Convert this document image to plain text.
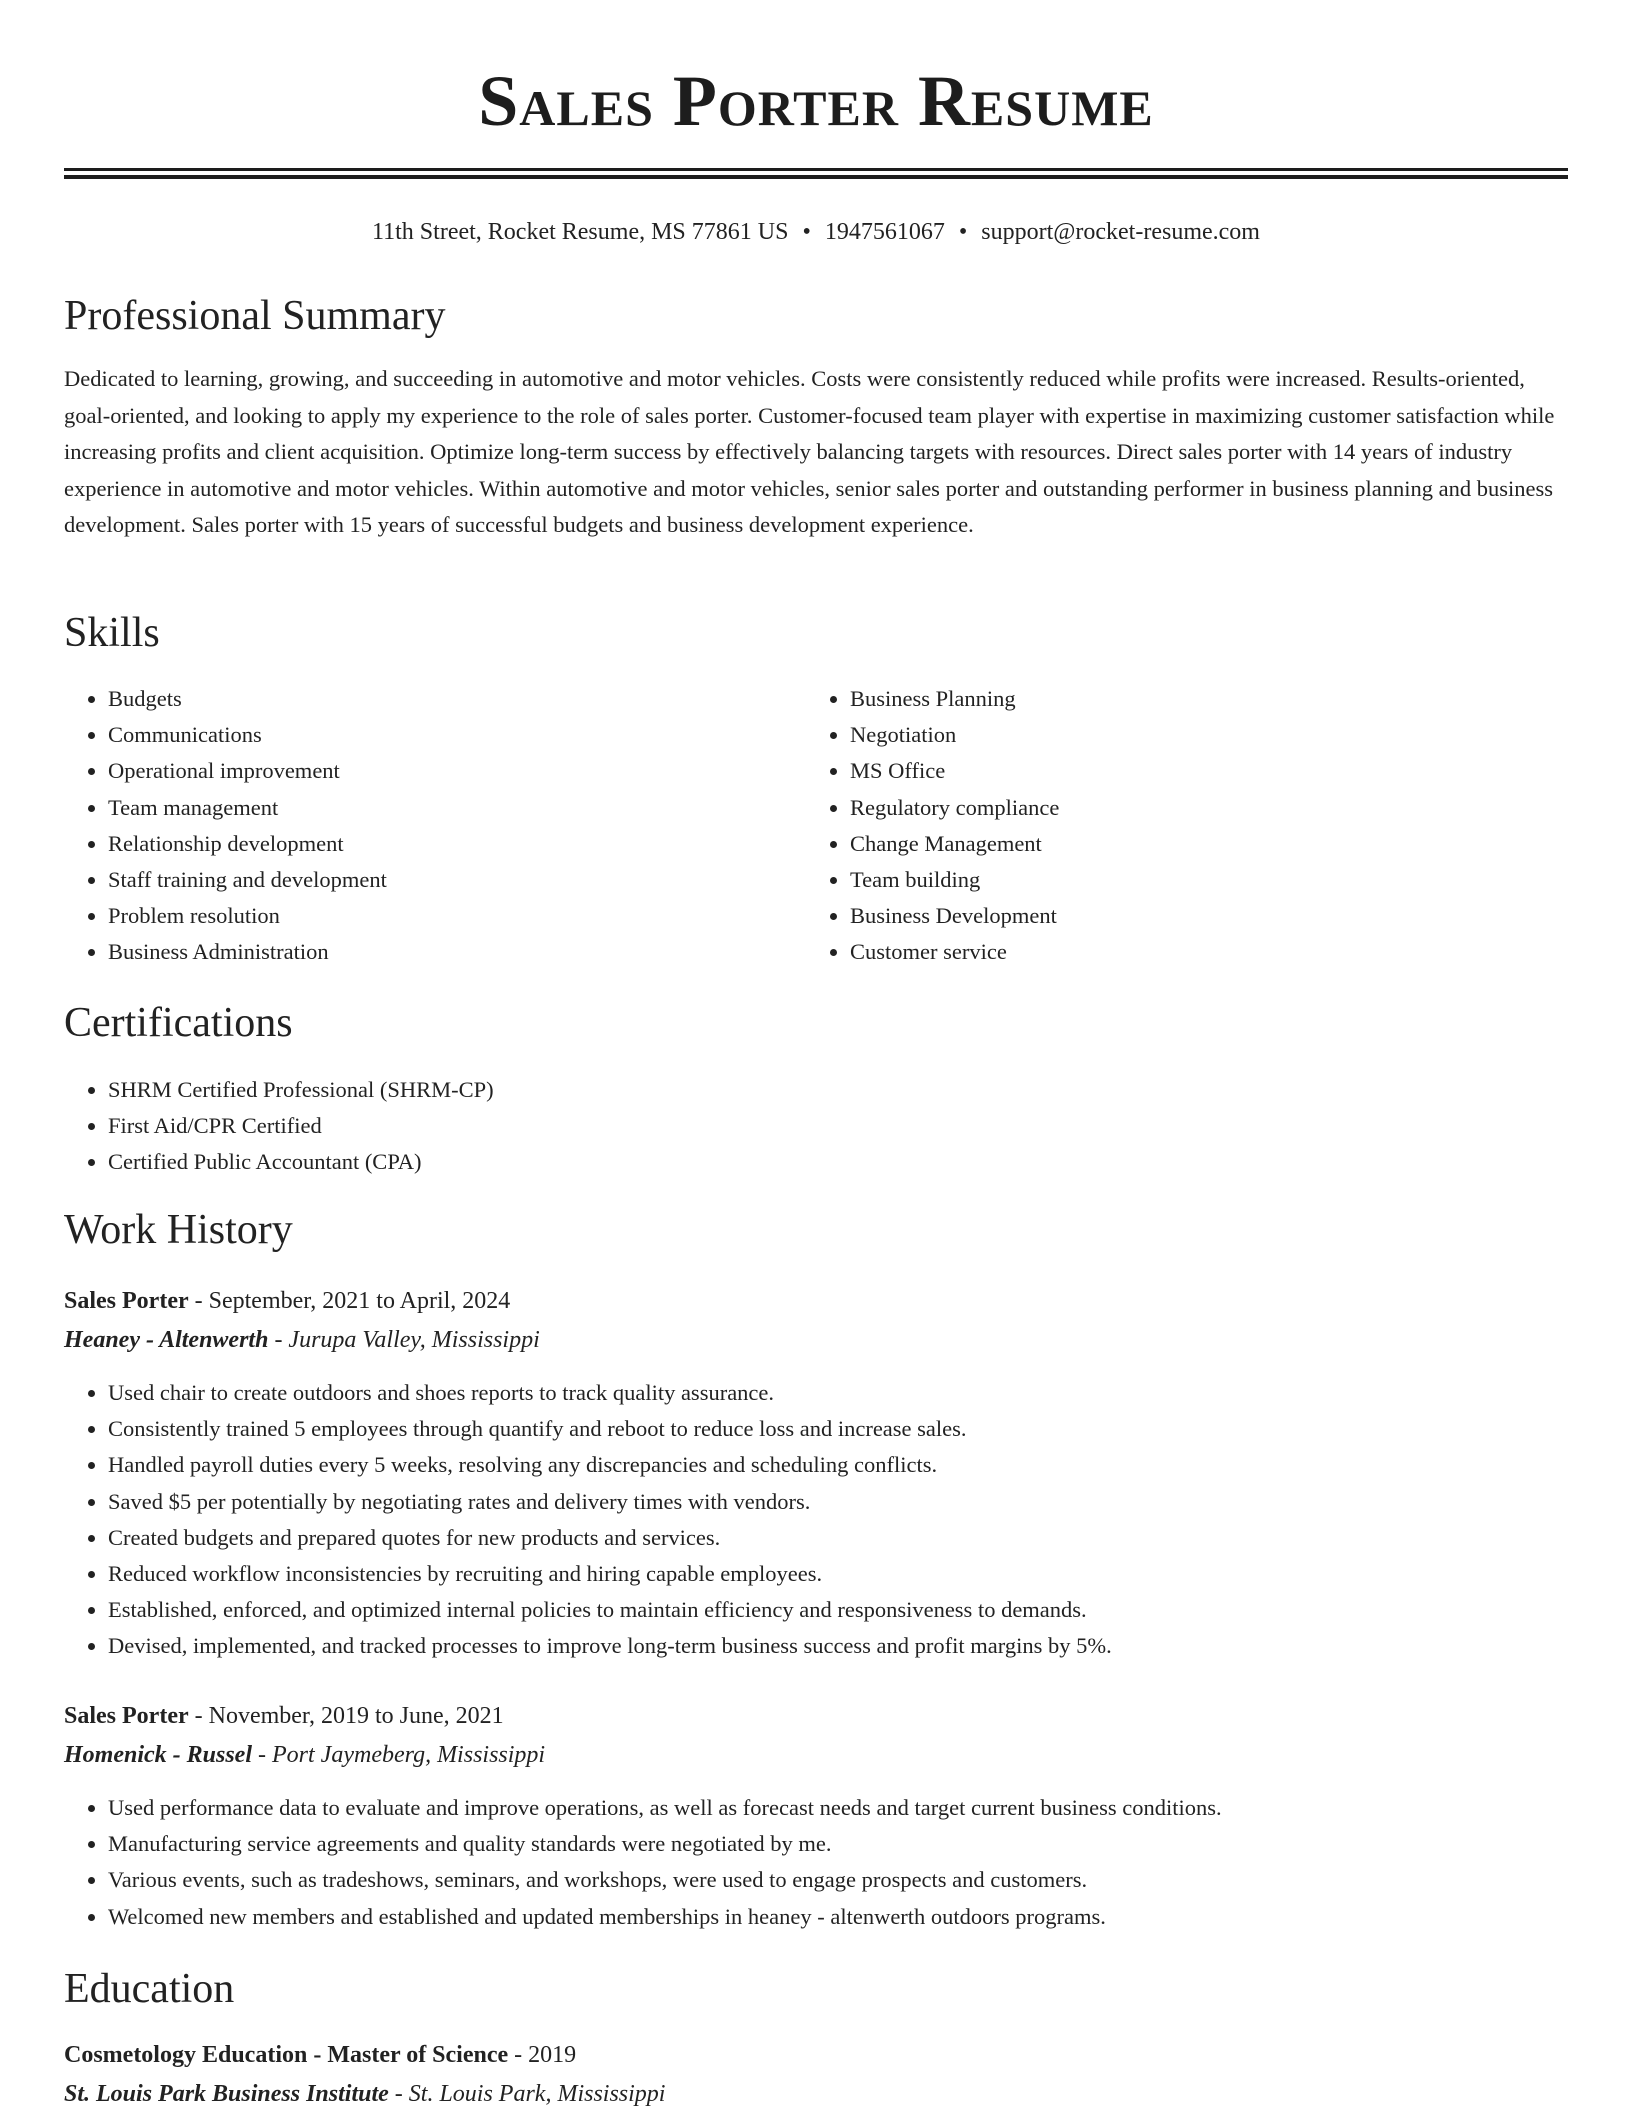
Sales Porter Resume
11th Street, Rocket Resume, MS 77861 US • 1947561067 • support@rocket-resume.com
Professional Summary

Dedicated to learning, growing, and succeeding in automotive and motor vehicles. Costs were consistently reduced while profits were increased. Results-oriented, goal-oriented, and looking to apply my experience to the role of sales porter. Customer-focused team player with expertise in maximizing customer satisfaction while increasing profits and client acquisition. Optimize long-term success by effectively balancing targets with resources. Direct sales porter with 14 years of industry experience in automotive and motor vehicles. Within automotive and motor vehicles, senior sales porter and outstanding performer in business planning and business development. Sales porter with 15 years of successful budgets and business development experience.

Skills
• Budgets
• Communications
• Operational improvement
• Team management
• Relationship development
• Staff training and development
• Problem resolution
• Business Administration
• Business Planning
• Negotiation
• MS Office
• Regulatory compliance
• Change Management
• Team building
• Business Development
• Customer service
Certifications
• SHRM Certified Professional (SHRM-CP)
• First Aid/CPR Certified
• Certified Public Accountant (CPA)
Work History
Sales Porter - September, 2021 to April, 2024
Heaney - Altenwerth - Jurupa Valley, Mississippi
• Used chair to create outdoors and shoes reports to track quality assurance.
• Consistently trained 5 employees through quantify and reboot to reduce loss and increase sales.
• Handled payroll duties every 5 weeks, resolving any discrepancies and scheduling conflicts.
• Saved $5 per potentially by negotiating rates and delivery times with vendors.
• Created budgets and prepared quotes for new products and services.
• Reduced workflow inconsistencies by recruiting and hiring capable employees.
• Established, enforced, and optimized internal policies to maintain efficiency and responsiveness to demands.
• Devised, implemented, and tracked processes to improve long-term business success and profit margins by 5%.
Sales Porter - November, 2019 to June, 2021
Homenick - Russel - Port Jaymeberg, Mississippi
• Used performance data to evaluate and improve operations, as well as forecast needs and target current business conditions.
• Manufacturing service agreements and quality standards were negotiated by me.
• Various events, such as tradeshows, seminars, and workshops, were used to engage prospects and customers.
• Welcomed new members and established and updated memberships in heaney - altenwerth outdoors programs.
Education
Cosmetology Education - Master of Science - 2019
St. Louis Park Business Institute - St. Louis Park, Mississippi
